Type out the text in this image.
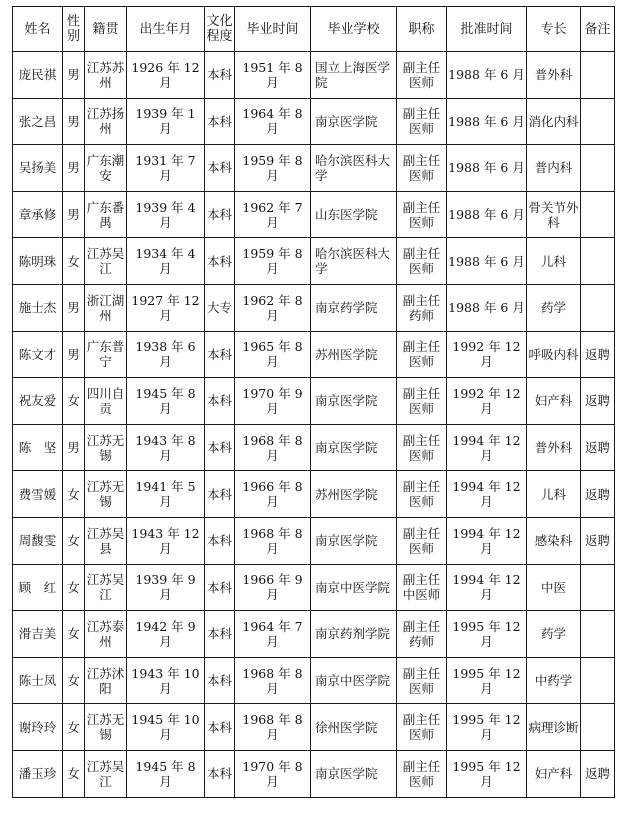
姓名	性别	籍贯	出生年月	文化程度	毕业时间	毕业学校	职称	批准时间	专长	备注
庞民祺	男	江苏苏州	1926 年 12 月	本科	1951 年 8 月	国立上海医学院	副主任医师	1988 年 6 月	普外科	
张之昌	男	江苏扬州	1939 年 1 月	本科	1964 年 8 月	南京医学院	副主任医师	1988 年 6 月	消化内科	
吴扬美	男	广东潮安	1931 年 7 月	本科	1959 年 8 月	哈尔滨医科大学	副主任医师	1988 年 6 月	普内科	
章承修	男	广东番禺	1939 年 4 月	本科	1962 年 7 月	山东医学院	副主任医师	1988 年 6 月	骨关节外科	
陈明珠	女	江苏吴江	1934 年 4 月	本科	1959 年 8 月	哈尔滨医科大学	副主任医师	1988 年 6 月	儿科	
施士杰	男	浙江湖州	1927 年 12 月	大专	1962 年 8 月	南京药学院	副主任药师	1988 年 6 月	药学	
陈文才	男	广东普宁	1938 年 6 月	本科	1965 年 8 月	苏州医学院	副主任医师	1992 年 12 月	呼吸内科	返聘
祝友爱	女	四川自贡	1945 年 8 月	本科	1970 年 9 月	南京医学院	副主任医师	1992 年 12 月	妇产科	返聘
陈　坚	男	江苏无锡	1943 年 8 月	本科	1968 年 8 月	南京医学院	副主任医师	1994 年 12 月	普外科	返聘
费雪媛	女	江苏无锡	1941 年 5 月	本科	1966 年 8 月	苏州医学院	副主任医师	1994 年 12 月	儿科	返聘
周馥雯	女	江苏吴县	1943 年 12 月	本科	1968 年 8 月	南京医学院	副主任医师	1994 年 12 月	感染科	返聘
顾　红	女	江苏吴江	1939 年 9 月	本科	1966 年 9 月	南京中医学院	副主任中医师	1994 年 12 月	中医	
滑吉美	女	江苏泰州	1942 年 9 月	本科	1964 年 7 月	南京药剂学院	副主任药师	1995 年 12 月	药学	
陈士凤	女	江苏沭阳	1943 年 10 月	本科	1968 年 8 月	南京中医学院	副主任医师	1995 年 12 月	中药学	
谢玲玲	女	江苏无锡	1945 年 10 月	本科	1968 年 8 月	徐州医学院	副主任医师	1995 年 12 月	病理诊断	
潘玉珍	女	江苏吴江	1945 年 8 月	本科	1970 年 8 月	南京医学院	副主任医师	1995 年 12 月	妇产科	返聘
